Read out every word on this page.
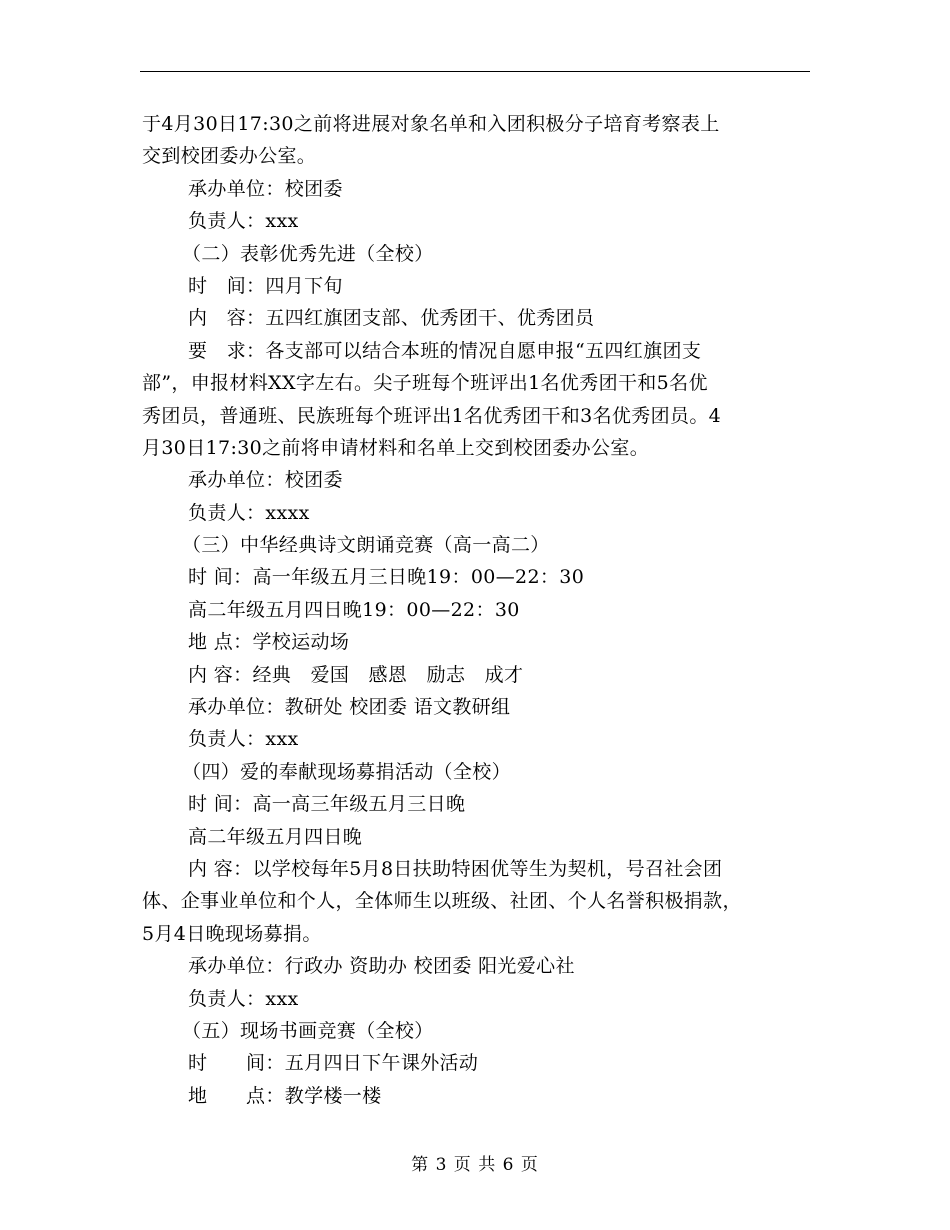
于4月30日17:30之前将进展对象名单和入团积极分子培育考察表上
交到校团委办公室。
承办单位：校团委
负责人：xxx
（二）表彰优秀先进（全校）
时　间：四月下旬
内　容：五四红旗团支部、优秀团干、优秀团员
要　求：各支部可以结合本班的情况自愿申报“五四红旗团支
部”，申报材料XX字左右。尖子班每个班评出1名优秀团干和5名优
秀团员，普通班、民族班每个班评出1名优秀团干和3名优秀团员。4
月30日17:30之前将申请材料和名单上交到校团委办公室。
承办单位：校团委
负责人：xxxx
（三）中华经典诗文朗诵竞赛（高一高二）
时 间：高一年级五月三日晚19：00—22：30
高二年级五月四日晚19：00—22：30
地 点：学校运动场
内 容：经典　爱国　感恩　励志　成才
承办单位：教研处 校团委 语文教研组
负责人：xxx
（四）爱的奉献现场募捐活动（全校）
时 间：高一高三年级五月三日晚
高二年级五月四日晚
内 容：以学校每年5月8日扶助特困优等生为契机，号召社会团
体、企事业单位和个人，全体师生以班级、社团、个人名誉积极捐款，
5月4日晚现场募捐。
承办单位：行政办 资助办 校团委 阳光爱心社
负责人：xxx
（五）现场书画竞赛（全校）
时　　间：五月四日下午课外活动
地　　点：教学楼一楼
第 3 页 共 6 页
